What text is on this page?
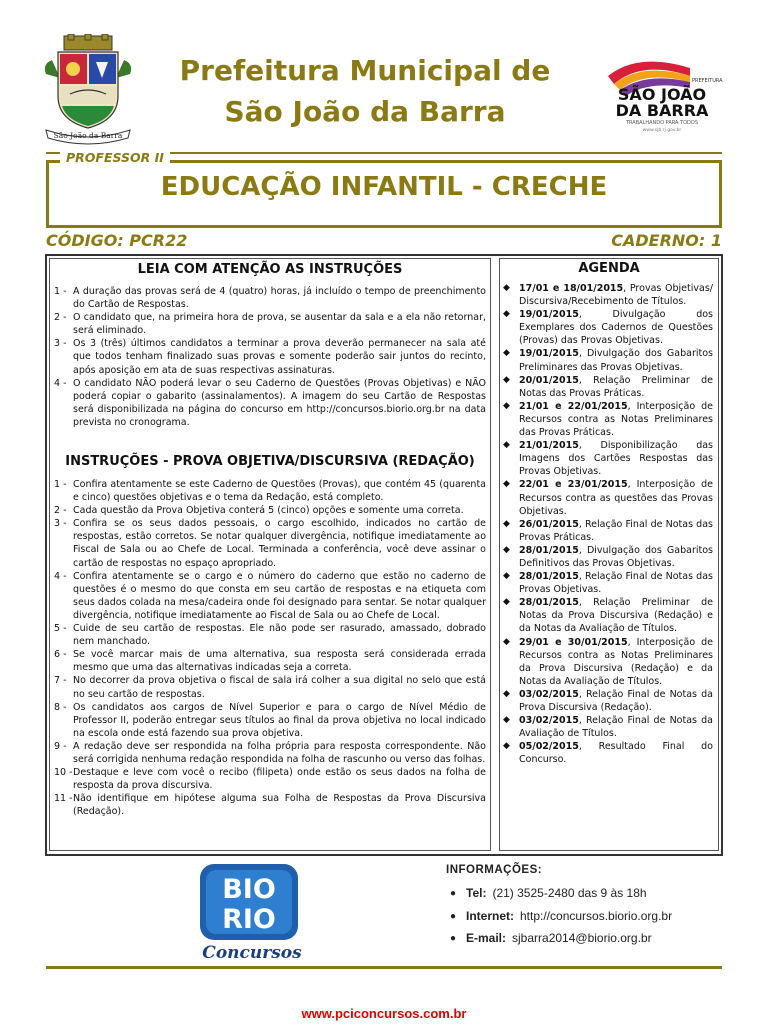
São João da Barra
Prefeitura Municipal de
São João da Barra
PREFEITURA
SÃO JOÃO
DA BARRA
TRABALHANDO PARA TODOS
www.sjb.rj.gov.br
PROFESSOR II
EDUCAÇÃO INFANTIL - CRECHE
CÓDIGO: PCR22	CADERNO: 1
LEIA COM ATENÇÃO AS INSTRUÇÕES
1 - A duração das provas será de 4 (quatro) horas, já incluído o tempo de preenchimento do Cartão de Respostas.
2 - O candidato que, na primeira hora de prova, se ausentar da sala e a ela não retornar, será eliminado.
3 - Os 3 (três) últimos candidatos a terminar a prova deverão permanecer na sala até que todos tenham finalizado suas provas e somente poderão sair juntos do recinto, após aposição em ata de suas respectivas assinaturas.
4 - O candidato NÃO poderá levar o seu Caderno de Questões (Provas Objetivas) e NÃO poderá copiar o gabarito (assinalamentos). A imagem do seu Cartão de Respostas será disponibilizada na página do concurso em http://concursos.biorio.org.br na data prevista no cronograma.
INSTRUÇÕES - PROVA OBJETIVA/DISCURSIVA (REDAÇÃO)
1 - Confira atentamente se este Caderno de Questões (Provas), que contém 45 (quarenta e cinco) questões objetivas e o tema da Redação, está completo.
2 - Cada questão da Prova Objetiva conterá 5 (cinco) opções e somente uma correta.
3 - Confira se os seus dados pessoais, o cargo escolhido, indicados no cartão de respostas, estão corretos. Se notar qualquer divergência, notifique imediatamente ao Fiscal de Sala ou ao Chefe de Local. Terminada a conferência, você deve assinar o cartão de respostas no espaço apropriado.
4 - Confira atentamente se o cargo e o número do caderno que estão no caderno de questões é o mesmo do que consta em seu cartão de respostas e na etiqueta com seus dados colada na mesa/cadeira onde foi designado para sentar. Se notar qualquer divergência, notifique imediatamente ao Fiscal de Sala ou ao Chefe de Local.
5 - Cuide de seu cartão de respostas. Ele não pode ser rasurado, amassado, dobrado nem manchado.
6 - Se você marcar mais de uma alternativa, sua resposta será considerada errada mesmo que uma das alternativas indicadas seja a correta.
7 - No decorrer da prova objetiva o fiscal de sala irá colher a sua digital no selo que está no seu cartão de respostas.
8 - Os candidatos aos cargos de Nível Superior e para o cargo de Nível Médio de Professor II, poderão entregar seus títulos ao final da prova objetiva no local indicado na escola onde está fazendo sua prova objetiva.
9 - A redação deve ser respondida na folha própria para resposta correspondente. Não será corrigida nenhuma redação respondida na folha de rascunho ou verso das folhas.
10 - Destaque e leve com você o recibo (filipeta) onde estão os seus dados na folha de resposta da prova discursiva.
11 - Não identifique em hipótese alguma sua Folha de Respostas da Prova Discursiva (Redação).
AGENDA
◆ 17/01 e 18/01/2015, Provas Objetivas/ Discursiva/Recebimento de Títulos.
◆ 19/01/2015, Divulgação dos Exemplares dos Cadernos de Questões (Provas) das Provas Objetivas.
◆ 19/01/2015, Divulgação dos Gabaritos Preliminares das Provas Objetivas.
◆ 20/01/2015, Relação Preliminar de Notas das Provas Práticas.
◆ 21/01 e 22/01/2015, Interposição de Recursos contra as Notas Preliminares das Provas Práticas.
◆ 21/01/2015, Disponibilização das Imagens dos Cartões Respostas das Provas Objetivas.
◆ 22/01 e 23/01/2015, Interposição de Recursos contra as questões das Provas Objetivas.
◆ 26/01/2015, Relação Final de Notas das Provas Práticas.
◆ 28/01/2015, Divulgação dos Gabaritos Definitivos das Provas Objetivas.
◆ 28/01/2015, Relação Final de Notas das Provas Objetivas.
◆ 28/01/2015, Relação Preliminar de Notas da Prova Discursiva (Redação) e da Notas da Avaliação de Títulos.
◆ 29/01 e 30/01/2015, Interposição de Recursos contra as Notas Preliminares da Prova Discursiva (Redação) e da Notas da Avaliação de Títulos.
◆ 03/02/2015, Relação Final de Notas da Prova Discursiva (Redação).
◆ 03/02/2015, Relação Final de Notas da Avaliação de Títulos.
◆ 05/02/2015, Resultado Final do Concurso.
BIO
RIO
Concursos
INFORMAÇÕES:
● Tel: (21) 3525-2480 das 9 às 18h
● Internet: http://concursos.biorio.org.br
● E-mail: sjbarra2014@biorio.org.br
www.pciconcursos.com.br
